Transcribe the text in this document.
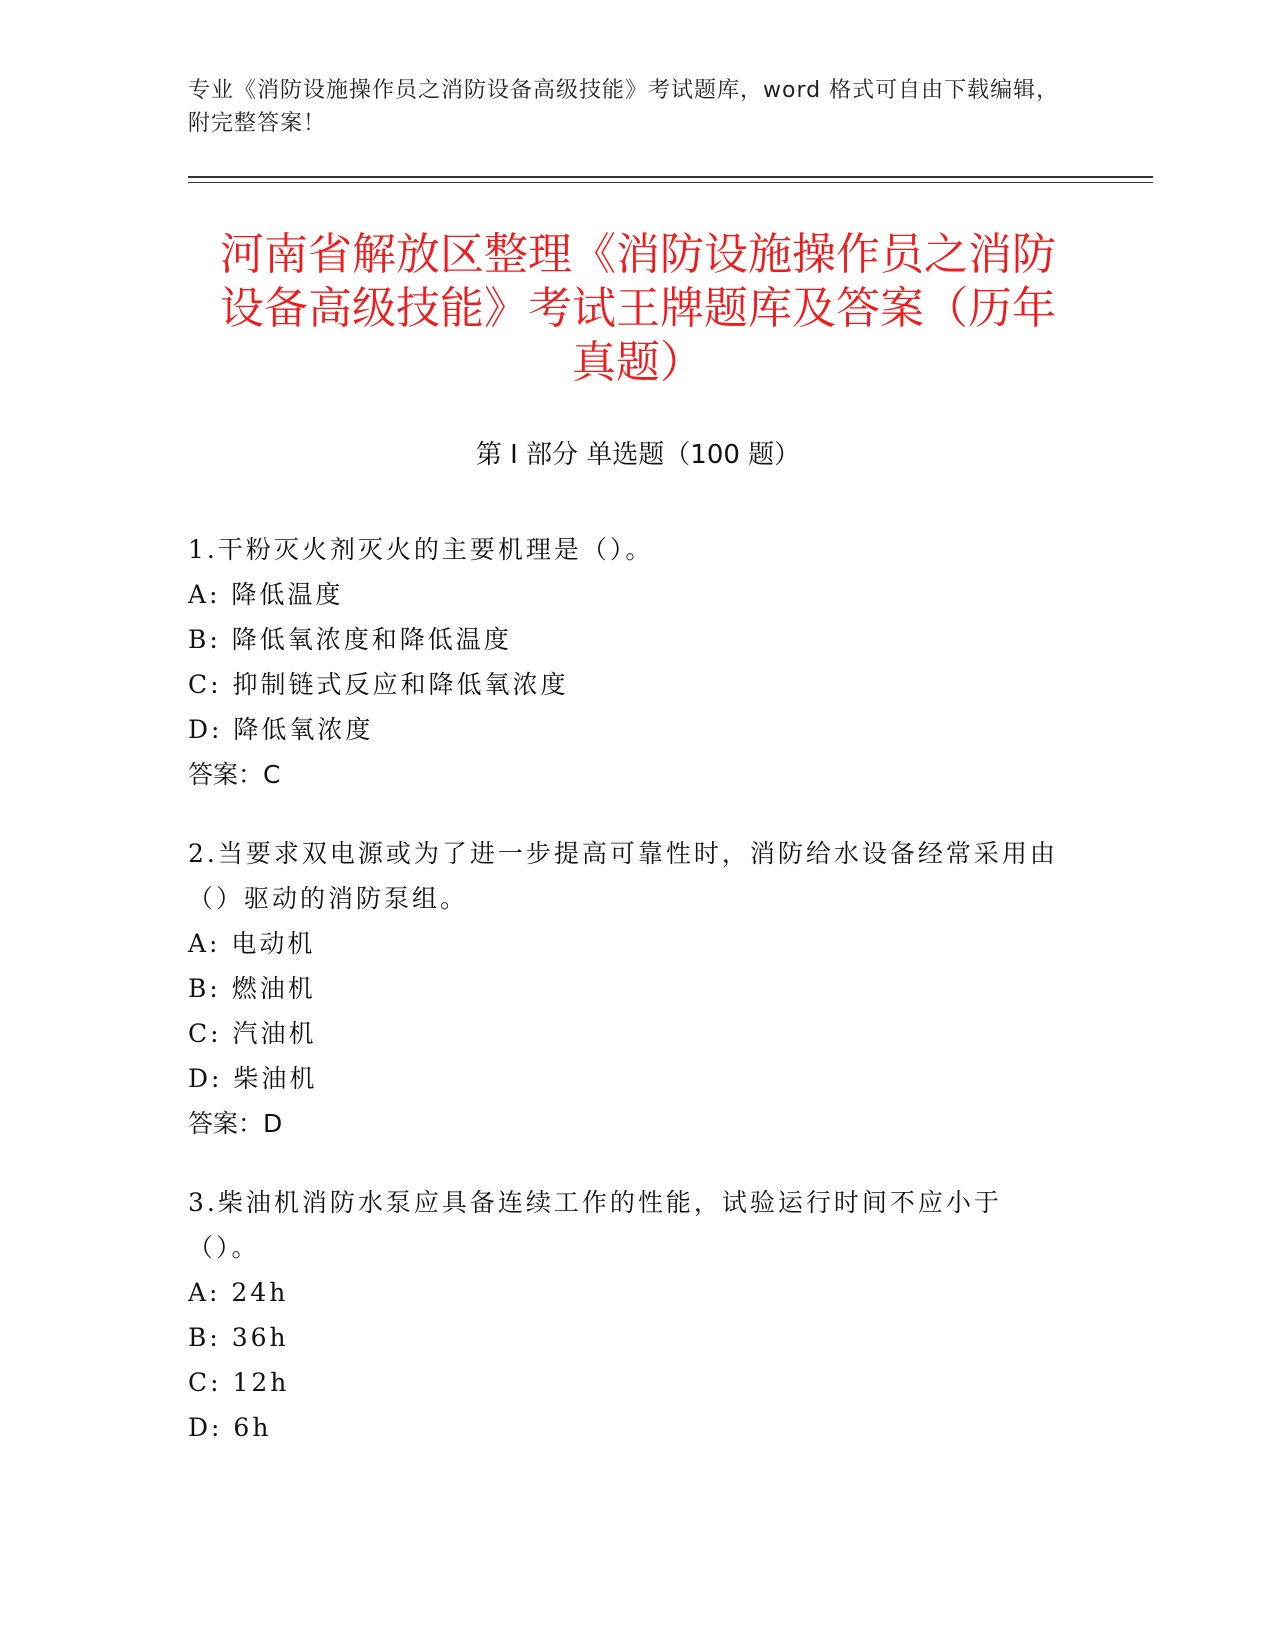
专业《消防设施操作员之消防设备高级技能》考试题库，word 格式可自由下载编辑，附完整答案！
河南省解放区整理《消防设施操作员之消防
设备高级技能》考试王牌题库及答案（历年
真题）
第 I 部分 单选题（100 题）

1.干粉灭火剂灭火的主要机理是（）。

A: 降低温度

B: 降低氧浓度和降低温度

C: 抑制链式反应和降低氧浓度

D: 降低氧浓度

答案：C

2.当要求双电源或为了进一步提高可靠性时，消防给水设备经常采用由（）驱动的消防泵组。

A: 电动机

B: 燃油机

C: 汽油机

D: 柴油机

答案：D

3.柴油机消防水泵应具备连续工作的性能，试验运行时间不应小于（）。

A: 24h

B: 36h

C: 12h

D: 6h
